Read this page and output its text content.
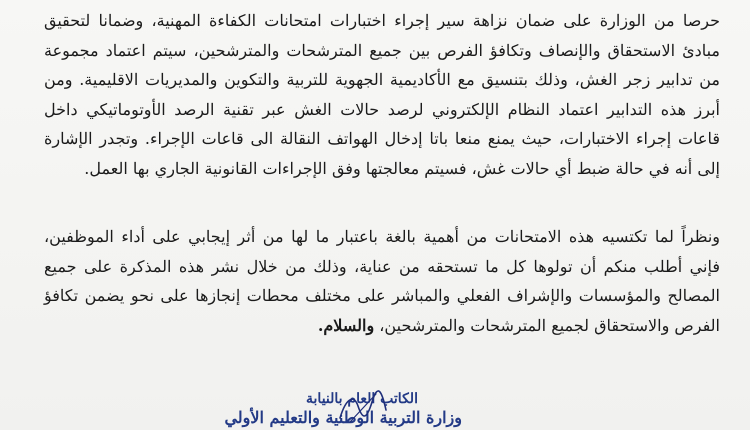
حرصا من الوزارة على ضمان نزاهة سير إجراء اختبارات امتحانات الكفاءة المهنية، وضمانا لتحقيق
مبادئ الاستحقاق والإنصاف وتكافؤ الفرص بين جميع المترشحات والمترشحين، سيتم اعتماد مجموعة
من تدابير زجر الغش، وذلك بتنسيق مع الأكاديمية الجهوية للتربية والتكوين والمديريات الاقليمية. ومن
أبرز هذه التدابير اعتماد النظام الإلكتروني لرصد حالات الغش عبر تقنية الرصد الأوتوماتيكي داخل
قاعات إجراء الاختبارات، حيث يمنع منعا باتا إدخال الهواتف النقالة الى قاعات الإجراء. وتجدر الإشارة
إلى أنه في حالة ضبط أي حالات غش، فسيتم معالجتها وفق الإجراءات القانونية الجاري بها العمل.
ونظراً لما تكتسيه هذه الامتحانات من أهمية بالغة باعتبار ما لها من أثر إيجابي على أداء الموظفين،
فإني أطلب منكم أن تولوها كل ما تستحقه من عناية، وذلك من خلال نشر هذه المذكرة على جميع
المصالح والمؤسسات والإشراف الفعلي والمباشر على مختلف محطات إنجازها على نحو يضمن تكافؤ
الفرص والاستحقاق لجميع المترشحات والمترشحين، والسلام.
الكاتب العام بالنيابة
وزارة التربية الوطنية والتعليم الأولي
